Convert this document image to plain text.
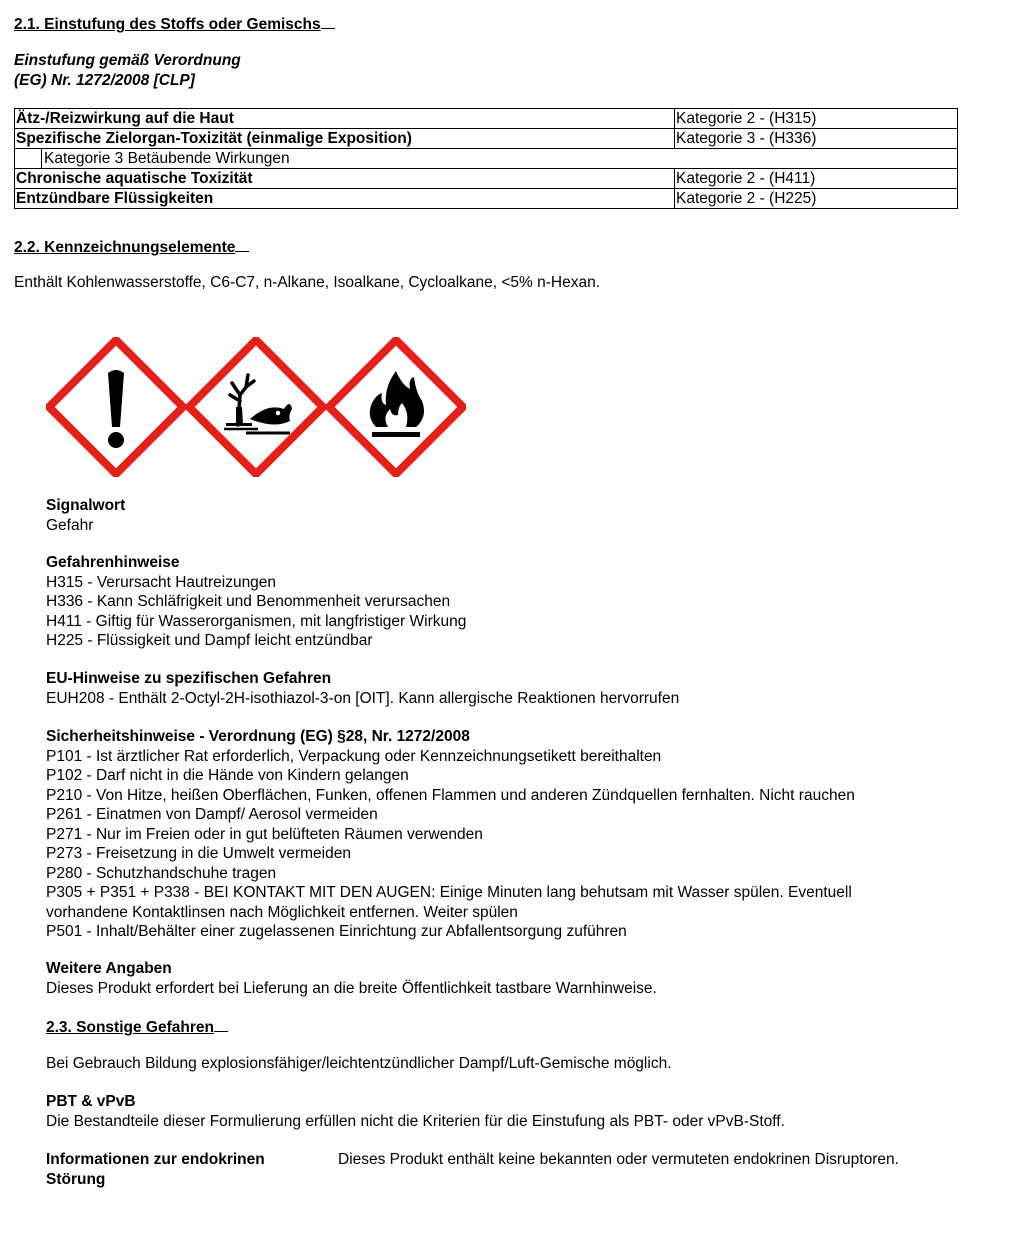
2.1. Einstufung des Stoffs oder Gemischs
Einstufung gemäß Verordnung
(EG) Nr. 1272/2008 [CLP]
Ätz-/Reizwirkung auf die Haut	Kategorie 2 - (H315)
Spezifische Zielorgan-Toxizität (einmalige Exposition)	Kategorie 3 - (H336)
Kategorie 3 Betäubende Wirkungen	
Chronische aquatische Toxizität	Kategorie 2 - (H411)
Entzündbare Flüssigkeiten	Kategorie 2 - (H225)
2.2. Kennzeichnungselemente
Enthält Kohlenwasserstoffe, C6-C7, n-Alkane, Isoalkane, Cycloalkane, <5% n-Hexan.
Signalwort
Gefahr
Gefahrenhinweise
H315 - Verursacht Hautreizungen
H336 - Kann Schläfrigkeit und Benommenheit verursachen
H411 - Giftig für Wasserorganismen, mit langfristiger Wirkung
H225 - Flüssigkeit und Dampf leicht entzündbar
EU-Hinweise zu spezifischen Gefahren
EUH208 - Enthält 2-Octyl-2H-isothiazol-3-on [OIT]. Kann allergische Reaktionen hervorrufen
Sicherheitshinweise - Verordnung (EG) §28, Nr. 1272/2008
P101 - Ist ärztlicher Rat erforderlich, Verpackung oder Kennzeichnungsetikett bereithalten
P102 - Darf nicht in die Hände von Kindern gelangen
P210 - Von Hitze, heißen Oberflächen, Funken, offenen Flammen und anderen Zündquellen fernhalten. Nicht rauchen
P261 - Einatmen von Dampf/ Aerosol vermeiden
P271 - Nur im Freien oder in gut belüfteten Räumen verwenden
P273 - Freisetzung in die Umwelt vermeiden
P280 - Schutzhandschuhe tragen
P305 + P351 + P338 - BEI KONTAKT MIT DEN AUGEN: Einige Minuten lang behutsam mit Wasser spülen. Eventuell
vorhandene Kontaktlinsen nach Möglichkeit entfernen. Weiter spülen
P501 - Inhalt/Behälter einer zugelassenen Einrichtung zur Abfallentsorgung zuführen
Weitere Angaben
Dieses Produkt erfordert bei Lieferung an die breite Öffentlichkeit tastbare Warnhinweise.
2.3. Sonstige Gefahren
Bei Gebrauch Bildung explosionsfähiger/leichtentzündlicher Dampf/Luft-Gemische möglich.
PBT & vPvB
Die Bestandteile dieser Formulierung erfüllen nicht die Kriterien für die Einstufung als PBT- oder vPvB-Stoff.
Informationen zur endokrinen
Störung
Dieses Produkt enthält keine bekannten oder vermuteten endokrinen Disruptoren.
